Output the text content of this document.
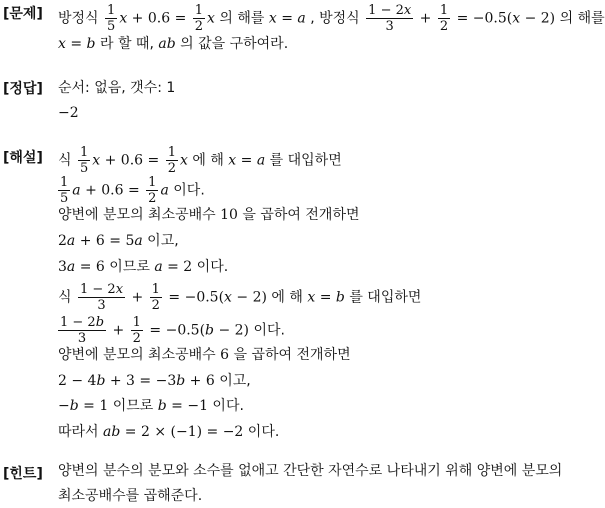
[문제]
[정답]
[해설]
[힌트]
방정식 $\frac{1}{5}$ $x + 0.6 = \frac{1}{2}$ x 의 해를 x = a , 방정식 $\frac{1 - 2x}{3} + \frac{1}{2} = -0.5(x - 2)$ 의 해를
x = b 라 할 때, ab 의 값을 구하여라.
순서: 없음, 갯수: 1
−2
식 $\frac{1}{5}$ $x + 0.6 = \frac{1}{2}$ x 에 해 x = a 를 대입하면
$\frac{1}{5}$ $a + 0.6 = \frac{1}{2}$ a 이다.
양변에 분모의 최소공배수 10 을 곱하여 전개하면
2a + 6 = 5a 이고,
3a = 6 이므로 a = 2 이다.
식 $\frac{1 - 2x}{3} + \frac{1}{2} = -0.5(x - 2)$ 에 해 x = b 를 대입하면
$\frac{1 - 2b}{3} + \frac{1}{2} = -0.5(b - 2)$ 이다.
양변에 분모의 최소공배수 6 을 곱하여 전개하면
2 − 4b + 3 = −3b + 6 이고,
−b = 1 이므로 b = −1 이다.
따라서 ab = 2 × (−1) = −2 이다.
양변의 분수의 분모와 소수를 없애고 간단한 자연수로 나타내기 위해 양변에 분모의
최소공배수를 곱해준다.
